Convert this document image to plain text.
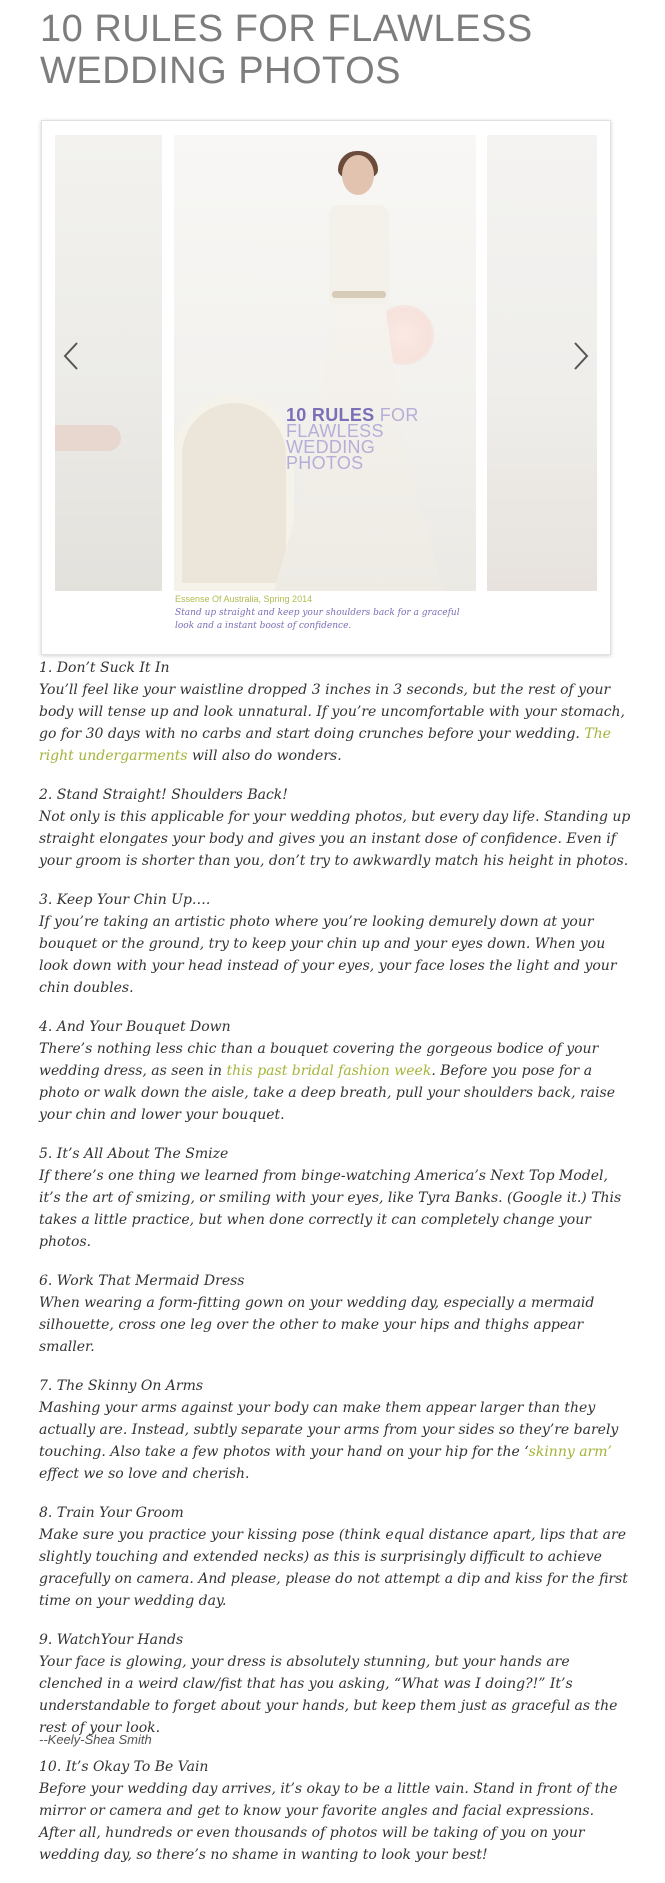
10 RULES FOR FLAWLESS WEDDING PHOTOS
10 RULES FOR
FLAWLESS
WEDDING
PHOTOS
Essense Of Australia, Spring 2014
Stand up straight and keep your shoulders back for a graceful look and a instant boost of confidence.
1. Don’t Suck It In

You’ll feel like your waistline dropped 3 inches in 3 seconds, but the rest of your body will tense up and look unnatural. If you’re uncomfortable with your stomach, go for 30 days with no carbs and start doing crunches before your wedding. The right undergarments will also do wonders.

2. Stand Straight! Shoulders Back!

Not only is this applicable for your wedding photos, but every day life. Standing up straight elongates your body and gives you an instant dose of confidence. Even if your groom is shorter than you, don’t try to awkwardly match his height in photos.

3. Keep Your Chin Up….

If you’re taking an artistic photo where you’re looking demurely down at your bouquet or the ground, try to keep your chin up and your eyes down. When you look down with your head instead of your eyes, your face loses the light and your chin doubles.

4. And Your Bouquet Down

There’s nothing less chic than a bouquet covering the gorgeous bodice of your wedding dress, as seen in this past bridal fashion week. Before you pose for a photo or walk down the aisle, take a deep breath, pull your shoulders back, raise your chin and lower your bouquet.

5. It’s All About The Smize

If there’s one thing we learned from binge-watching America’s Next Top Model, it’s the art of smizing, or smiling with your eyes, like Tyra Banks. (Google it.) This takes a little practice, but when done correctly it can completely change your photos.

6. Work That Mermaid Dress

When wearing a form-fitting gown on your wedding day, especially a mermaid silhouette, cross one leg over the other to make your hips and thighs appear smaller.

7. The Skinny On Arms

Mashing your arms against your body can make them appear larger than they actually are. Instead, subtly separate your arms from your sides so they’re barely touching. Also take a few photos with your hand on your hip for the ‘skinny arm’ effect we so love and cherish.

8. Train Your Groom

Make sure you practice your kissing pose (think equal distance apart, lips that are slightly touching and extended necks) as this is surprisingly difficult to achieve gracefully on camera. And please, please do not attempt a dip and kiss for the first time on your wedding day.

9. WatchYour Hands

Your face is glowing, your dress is absolutely stunning, but your hands are clenched in a weird claw/fist that has you asking, “What was I doing?!” It’s understandable to forget about your hands, but keep them just as graceful as the rest of your look.

10. It’s Okay To Be Vain

Before your wedding day arrives, it’s okay to be a little vain. Stand in front of the mirror or camera and get to know your favorite angles and facial expressions. After all, hundreds or even thousands of photos will be taking of you on your wedding day, so there’s no shame in wanting to look your best!

--Keely-Shea Smith
